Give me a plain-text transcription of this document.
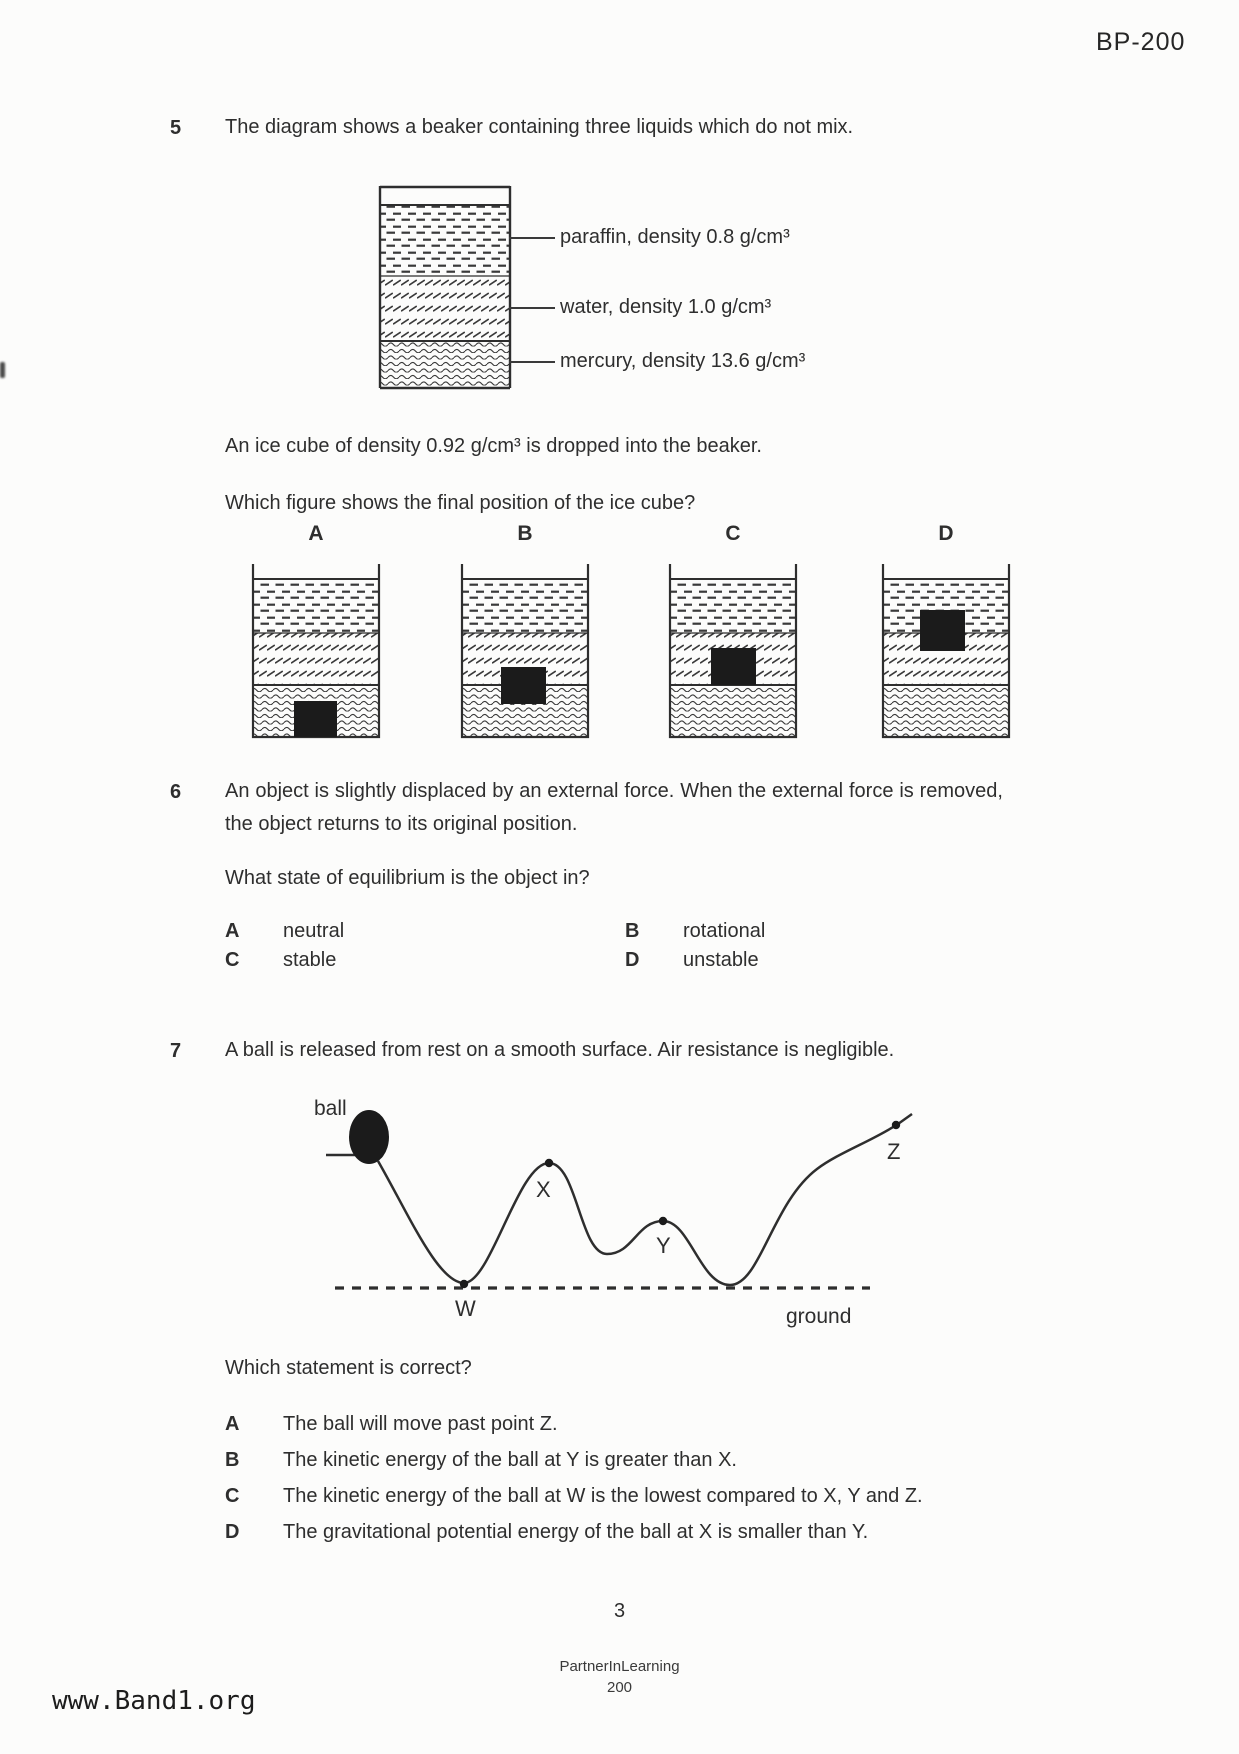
BP-200
5 The diagram shows a beaker containing three liquids which do not mix.
paraffin, density 0.8 g/cm³
water, density 1.0 g/cm³
mercury, density 13.6 g/cm³
An ice cube of density 0.92 g/cm³ is dropped into the beaker.
Which figure shows the final position of the ice cube?
A	B	C	D
6 An object is slightly displaced by an external force. When the external force is removed, the object returns to its original position.
What state of equilibrium is the object in?
A	neutral	B	rotational
C	stable	D	unstable
7 A ball is released from rest on a smooth surface. Air resistance is negligible.
ball
W
X
Y
Z
ground
Which statement is correct?
A	The ball will move past point Z.
B	The kinetic energy of the ball at Y is greater than X.
C	The kinetic energy of the ball at W is the lowest compared to X, Y and Z.
D	The gravitational potential energy of the ball at X is smaller than Y.
3
PartnerInLearning
200
www.Band1.org
